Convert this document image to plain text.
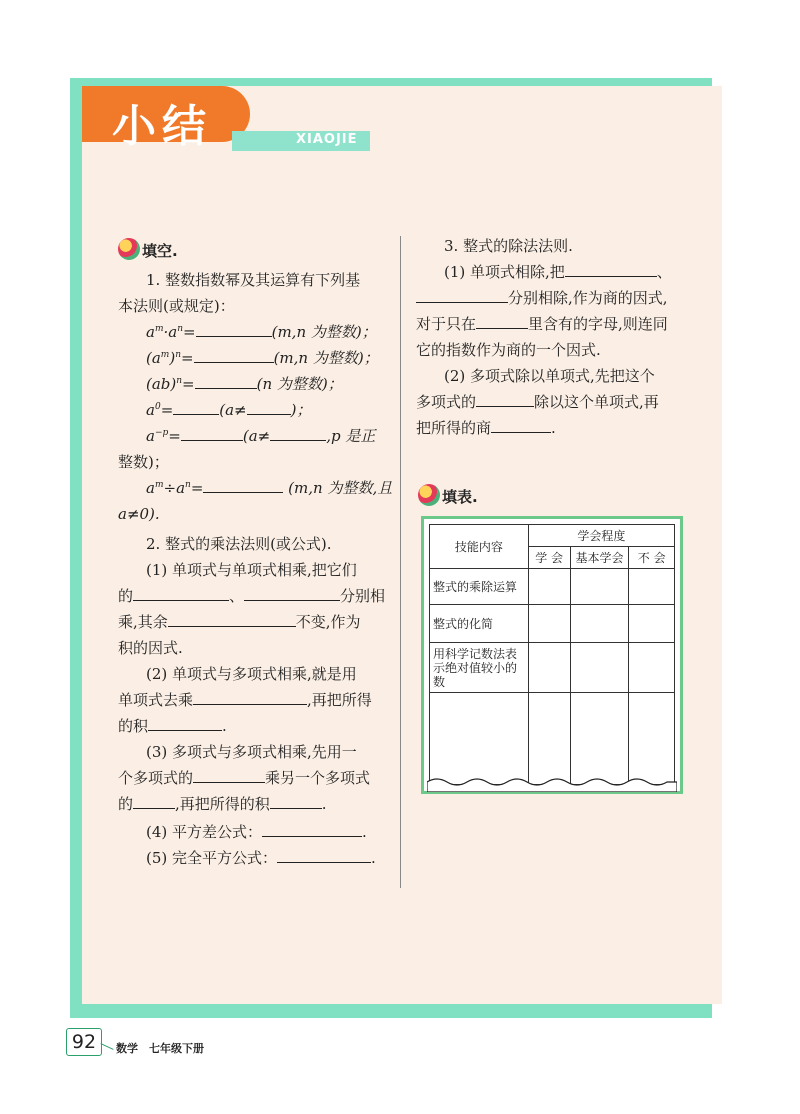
小结	XIAOJIE
填空.
1. 整数指数幂及其运算有下列基
本法则(或规定)：
$a^m\cdot a^n=$	(m,n 为整数)；
$(a^m)^n=$	(m,n 为整数)；
(ab)$^n$=	(n 为整数)；
$a^0=$	(a≠	)；
$a^{-p}=$	(a≠	,p 是正
整数)；
$a^m\div a^n=$	(m,n 为整数,且
a≠0).
2. 整式的乘法法则(或公式).
(1) 单项式与单项式相乘,把它们
的	、	分别相
乘,其余	不变,作为
积的因式.
(2) 单项式与多项式相乘,就是用
单项式去乘	,再把所得
的积	.
(3) 多项式与多项式相乘,先用一
个多项式的	乘另一个多项式
的	,再把所得的积	.
(4) 平方差公式：	.
(5) 完全平方公式：	.
3. 整式的除法法则.
(1) 单项式相除,把	、
分别相除,作为商的因式,
对于只在	里含有的字母,则连同
它的指数作为商的一个因式.
(2) 多项式除以单项式,先把这个
多项式的	除以这个单项式,再
把所得的商	.
填表.
技能内容	学会程度		
	学 会	基本学会	不 会
整式的乘除运算			
整式的化简			
用科学记数法表示绝对值较小的数			

92	数学　七年级下册
